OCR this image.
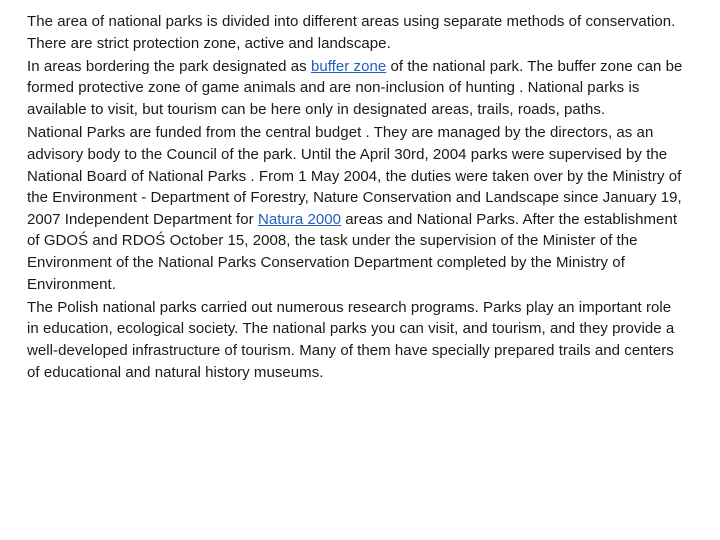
The area of national parks is divided into different areas using separate methods of conservation. There are strict protection zone, active and landscape.

In areas bordering the park designated as buffer zone of the national park. The buffer zone can be formed protective zone of game animals and are non-inclusion of hunting . National parks is available to visit, but tourism can be here only in designated areas, trails, roads, paths.

National Parks are funded from the central budget . They are managed by the directors, as an advisory body to the Council of the park. Until the April 30rd, 2004 parks were supervised by the National Board of National Parks . From 1 May 2004, the duties were taken over by the Ministry of the Environment - Department of Forestry, Nature Conservation and Landscape since January 19, 2007 Independent Department for Natura 2000 areas and National Parks. After the establishment of GDOŚ and RDOŚ October 15, 2008, the task under the supervision of the Minister of the Environment of the National Parks Conservation Department completed by the Ministry of Environment.

The Polish national parks carried out numerous research programs. Parks play an important role in education, ecological society. The national parks you can visit, and tourism, and they provide a well-developed infrastructure of tourism. Many of them have specially prepared trails and centers of educational and natural history museums.
